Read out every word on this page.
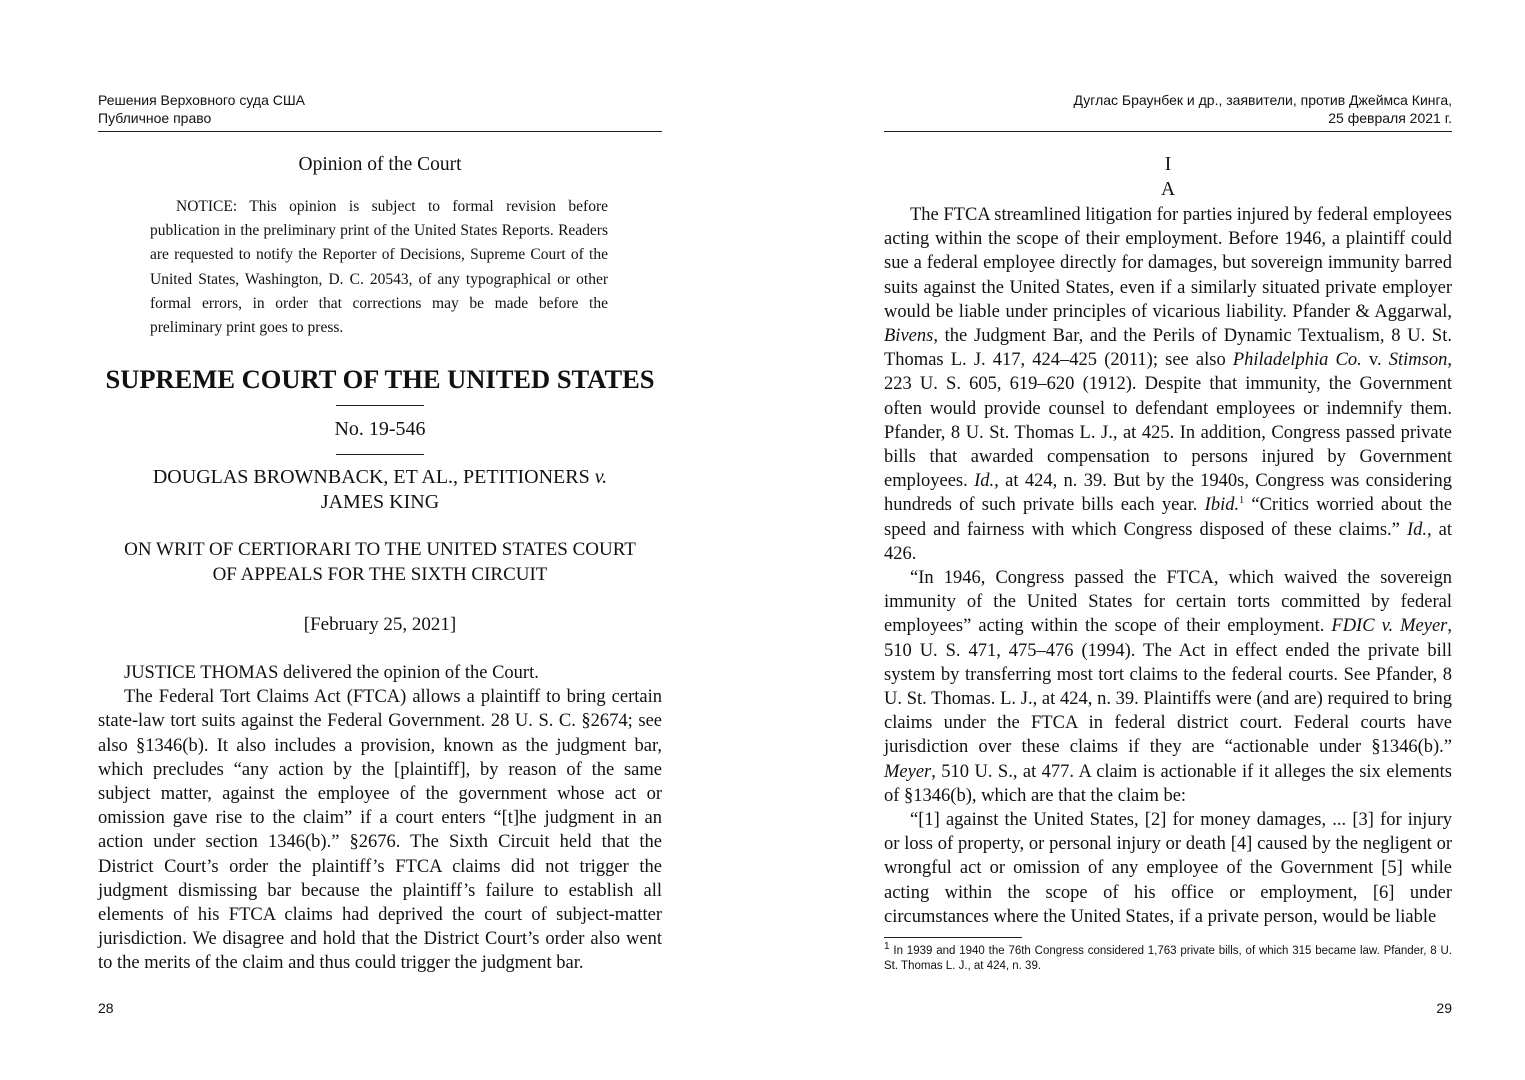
Решения Верховного суда США
Публичное право
Opinion of the Court

NOTICE: This opinion is subject to formal revision before publication in the preliminary print of the United States Reports. Readers are requested to notify the Reporter of Decisions, Supreme Court of the United States, Washington, D. C. 20543, of any typographical or other formal errors, in order that corrections may be made before the preliminary print goes to press.

SUPREME COURT OF THE UNITED STATES
No. 19-546
DOUGLAS BROWNBACK, ET AL., PETITIONERS v.
JAMES KING
ON WRIT OF CERTIORARI TO THE UNITED STATES COURT
OF APPEALS FOR THE SIXTH CIRCUIT
[February 25, 2021]

JUSTICE THOMAS delivered the opinion of the Court.

The Federal Tort Claims Act (FTCA) allows a plaintiff to bring certain state-law tort suits against the Federal Government. 28 U. S. C. §2674; see also §1346(b). It also includes a provision, known as the judgment bar, which precludes “any action by the [plaintiff], by reason of the same subject matter, against the employee of the government whose act or omission gave rise to the claim” if a court enters “[t]he judgment in an action under section 1346(b).” §2676. The Sixth Circuit held that the District Court’s order the plaintiff’s FTCA claims did not trigger the judgment dismissing bar because the plaintiff’s failure to establish all elements of his FTCA claims had deprived the court of subject-matter jurisdiction. We disagree and hold that the District Court’s order also went to the merits of the claim and thus could trigger the judgment bar.

28
Дуглас Браунбек и др., заявители, против Джеймса Кинга,
25 февраля 2021 г.
I
A

The FTCA streamlined litigation for parties injured by federal employees acting within the scope of their employment. Before 1946, a plaintiff could sue a federal employee directly for damages, but sovereign immunity barred suits against the United States, even if a similarly situated private employer would be liable under principles of vicarious liability. Pfander & Aggarwal, Bivens, the Judgment Bar, and the Perils of Dynamic Textualism, 8 U. St. Thomas L. J. 417, 424–425 (2011); see also Philadelphia Co. v. Stimson, 223 U. S. 605, 619–620 (1912). Despite that immunity, the Government often would provide counsel to defendant employees or indemnify them. Pfander, 8 U. St. Thomas L. J., at 425. In addition, Congress passed private bills that awarded compensation to persons injured by Government employees. Id., at 424, n. 39. But by the 1940s, Congress was considering hundreds of such private bills each year. Ibid.$^1$ “Critics worried about the speed and fairness with which Congress disposed of these claims.” Id., at 426.

“In 1946, Congress passed the FTCA, which waived the sovereign immunity of the United States for certain torts committed by federal employees” acting within the scope of their employment. FDIC v. Meyer, 510 U. S. 471, 475–476 (1994). The Act in effect ended the private bill system by transferring most tort claims to the federal courts. See Pfander, 8 U. St. Thomas. L. J., at 424, n. 39. Plaintiffs were (and are) required to bring claims under the FTCA in federal district court. Federal courts have jurisdiction over these claims if they are “actionable under §1346(b).” Meyer, 510 U. S., at 477. A claim is actionable if it alleges the six elements of §1346(b), which are that the claim be:

“[1] against the United States, [2] for money damages, ... [3] for injury or loss of property, or personal injury or death [4] caused by the negligent or wrongful act or omission of any employee of the Government [5] while acting within the scope of his office or employment, [6] under circumstances where the United States, if a private person, would be liable

$^1$ In 1939 and 1940 the 76th Congress considered 1,763 private bills, of which 315 became law. Pfander, 8 U. St. Thomas L. J., at 424, n. 39.
29
